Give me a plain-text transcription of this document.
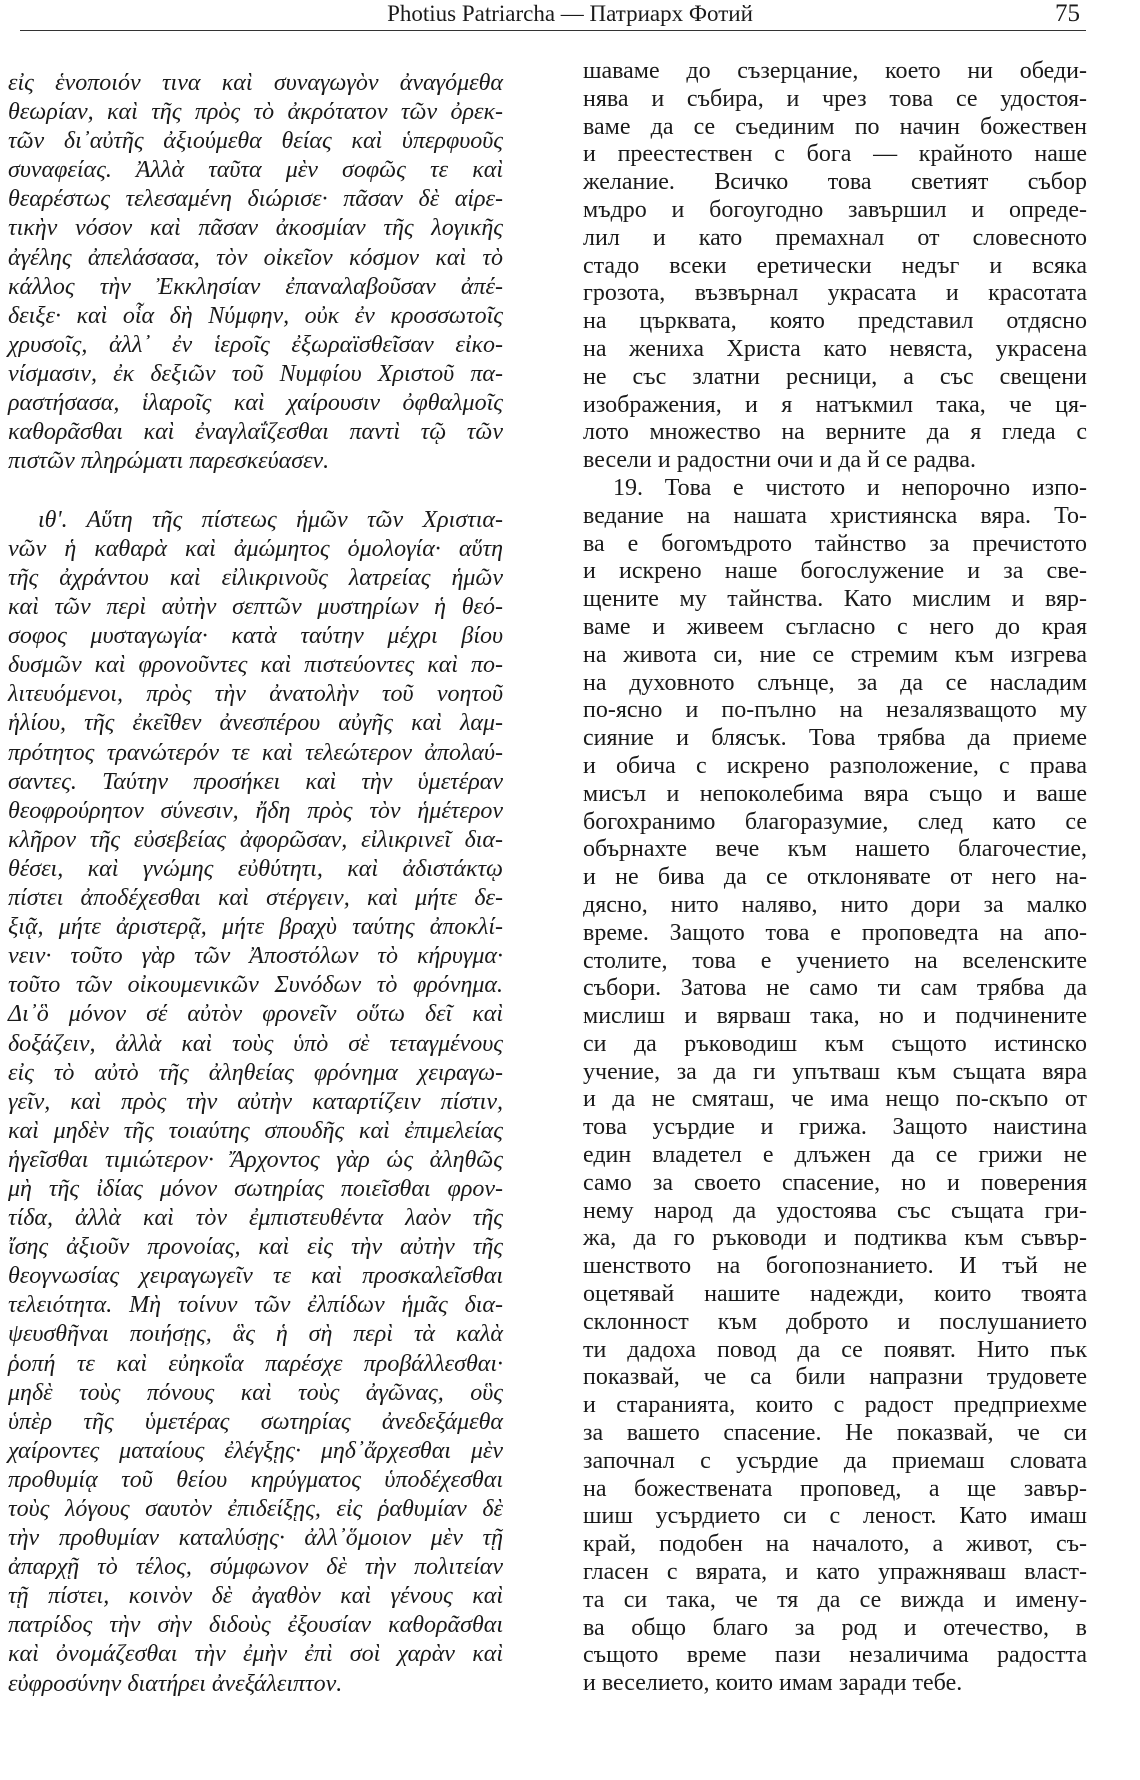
Photius Patriarcha — Патриарх Фотий	75
εἰς ἑνοποιόν τινα καὶ συναγωγὸν ἀναγόμεθα
θεωρίαν, καὶ τῆς πρὸς τὸ ἀκρότατον τῶν ὀρεκ-
τῶν δι᾽αὐτῆς ἀξιούμεθα θείας καὶ ὑπερφυοῦς
συναφείας. Ἀλλὰ ταῦτα μὲν σοφῶς τε καὶ
θεαρέστως τελεσαμένη διώρισε· πᾶσαν δὲ αἱρε-
τικὴν νόσον καὶ πᾶσαν ἀκοσμίαν τῆς λογικῆς
ἀγέλης ἀπελάσασα, τὸν οἰκεῖον κόσμον καὶ τὸ
κάλλος τὴν Ἐκκλησίαν ἐπαναλαβοῦσαν ἀπέ-
δειξε· καὶ οἷα δὴ Νύμφην, οὐκ ἐν κροσσωτοῖς
χρυσοῖς, ἀλλ᾽ ἐν ἱεροῖς ἐξωραϊσθεῖσαν εἰκο-
νίσμασιν, ἐκ δεξιῶν τοῦ Νυμφίου Χριστοῦ πα-
ραστήσασα, ἱλαροῖς καὶ χαίρουσιν ὀφθαλμοῖς
καθορᾶσθαι καὶ ἐναγλαΐζεσθαι παντὶ τῷ τῶν
πιστῶν πληρώματι παρεσκεύασεν.
ιθ'. Αὕτη τῆς πίστεως ἡμῶν τῶν Χριστια-
νῶν ἡ καθαρὰ καὶ ἀμώμητος ὁμολογία· αὕτη
τῆς ἀχράντου καὶ εἰλικρινοῦς λατρείας ἡμῶν
καὶ τῶν περὶ αὐτὴν σεπτῶν μυστηρίων ἡ θεό-
σοφος μυσταγωγία· κατὰ ταύτην μέχρι βίου
δυσμῶν καὶ φρονοῦντες καὶ πιστεύοντες καὶ πο-
λιτευόμενοι, πρὸς τὴν ἀνατολὴν τοῦ νοητοῦ
ἡλίου, τῆς ἐκεῖθεν ἀνεσπέρου αὐγῆς καὶ λαμ-
πρότητος τρανώτερόν τε καὶ τελεώτερον ἀπολαύ-
σαντες. Ταύτην προσήκει καὶ τὴν ὑμετέραν
θεοφρούρητον σύνεσιν, ἤδη πρὸς τὸν ἡμέτερον
κλῆρον τῆς εὐσεβείας ἀφορῶσαν, εἰλικρινεῖ δια-
θέσει, καὶ γνώμης εὐθύτητι, καὶ ἀδιστάκτῳ
πίστει ἀποδέχεσθαι καὶ στέργειν, καὶ μήτε δε-
ξιᾷ, μήτε ἀριστερᾷ, μήτε βραχὺ ταύτης ἀποκλί-
νειν· τοῦτο γὰρ τῶν Ἀποστόλων τὸ κήρυγμα·
τοῦτο τῶν οἰκουμενικῶν Συνόδων τὸ φρόνημα.
Δι᾽ὃ μόνον σέ αὐτὸν φρονεῖν οὕτω δεῖ καὶ
δοξάζειν, ἀλλὰ καὶ τοὺς ὑπὸ σὲ τεταγμένους
εἰς τὸ αὐτὸ τῆς ἀληθείας φρόνημα χειραγω-
γεῖν, καὶ πρὸς τὴν αὐτὴν καταρτίζειν πίστιν,
καὶ μηδὲν τῆς τοιαύτης σπουδῆς καὶ ἐπιμελείας
ἡγεῖσθαι τιμιώτερον· Ἄρχοντος γὰρ ὡς ἀληθῶς
μὴ τῆς ἰδίας μόνον σωτηρίας ποιεῖσθαι φρον-
τίδα, ἀλλὰ καὶ τὸν ἐμπιστευθέντα λαὸν τῆς
ἴσης ἀξιοῦν προνοίας, καὶ εἰς τὴν αὐτὴν τῆς
θεογνωσίας χειραγωγεῖν τε καὶ προσκαλεῖσθαι
τελειότητα. Μὴ τοίνυν τῶν ἐλπίδων ἡμᾶς δια-
ψευσθῆναι ποιήσῃς, ἃς ἡ σὴ περὶ τὰ καλὰ
ῥοπή τε καὶ εὐηκοΐα παρέσχε προβάλλεσθαι·
μηδὲ τοὺς πόνους καὶ τοὺς ἀγῶνας, οὓς
ὑπὲρ τῆς ὑμετέρας σωτηρίας ἀνεδεξάμεθα
χαίροντες ματαίους ἐλέγξῃς· μηδ᾽ἄρχεσθαι μὲν
προθυμίᾳ τοῦ θείου κηρύγματος ὑποδέχεσθαι
τοὺς λόγους σαυτὸν ἐπιδείξῃς, εἰς ῥαθυμίαν δὲ
τὴν προθυμίαν καταλύσῃς· ἀλλ᾽ὅμοιον μὲν τῇ
ἀπαρχῇ τὸ τέλος, σύμφωνον δὲ τὴν πολιτείαν
τῇ πίστει, κοινὸν δὲ ἀγαθὸν καὶ γένους καὶ
πατρίδος τὴν σὴν διδοὺς ἐξουσίαν καθορᾶσθαι
καὶ ὀνομάζεσθαι τὴν ἐμὴν ἐπὶ σοὶ χαρὰν καὶ
εὐφροσύνην διατήρει ἀνεξάλειπτον.
шаваме до съзерцание, което ни обеди-
нява и събира, и чрез това се удостоя-
ваме да се съединим по начин божествен
и преестествен с бога — крайното наше
желание. Всичко това светият събор
мъдро и богоугодно завършил и опреде-
лил и като премахнал от словесното
стадо всеки еретически недъг и всяка
грозота, възвърнал украсата и красотата
на църквата, която представил отдясно
на жениха Христа като невяста, украсена
не със златни ресници, а със свещени
изображения, и я натъкмил така, че ця-
лото множество на верните да я гледа с
весели и радостни очи и да й се радва.
19. Това е чистото и непорочно изпо-
ведание на нашата християнска вяра. То-
ва е богомъдрото тайнство за пречистото
и искрено наше богослужение и за све-
щените му тайнства. Като мислим и вяр-
ваме и живеем съгласно с него до края
на живота си, ние се стремим към изгрева
на духовното слънце, за да се насладим
по-ясно и по-пълно на незалязващото му
сияние и блясък. Това трябва да приеме
и обича с искрено разположение, с права
мисъл и непоколебима вяра също и ваше
богохранимо благоразумие, след като се
обърнахте вече към нашето благочестие,
и не бива да се отклонявате от него на-
дясно, нито наляво, нито дори за малко
време. Защото това е проповедта на апо-
столите, това е учението на вселенските
събори. Затова не само ти сам трябва да
мислиш и вярваш така, но и подчинените
си да ръководиш към същото истинско
учение, за да ги упътваш към същата вяра
и да не смяташ, че има нещо по-скъпо от
това усърдие и грижа. Защото наистина
един владетел е длъжен да се грижи не
само за своето спасение, но и поверения
нему народ да удостоява със същата гри-
жа, да го ръководи и подтиква към съвър-
шенството на богопознанието. И тъй не
оцетявай нашите надежди, които твоята
склонност към доброто и послушанието
ти дадоха повод да се появят. Нито пък
показвай, че са били напразни трудовете
и старанията, които с радост предприехме
за вашето спасение. Не показвай, че си
започнал с усърдие да приемаш словата
на божествената проповед, а ще завър-
шиш усърдието си с леност. Като имаш
край, подобен на началото, а живот, съ-
гласен с вярата, и като упражняваш власт-
та си така, че тя да се вижда и имену-
ва общо благо за род и отечество, в
същото време пази незаличима радостта
и веселието, които имам заради тебе.
